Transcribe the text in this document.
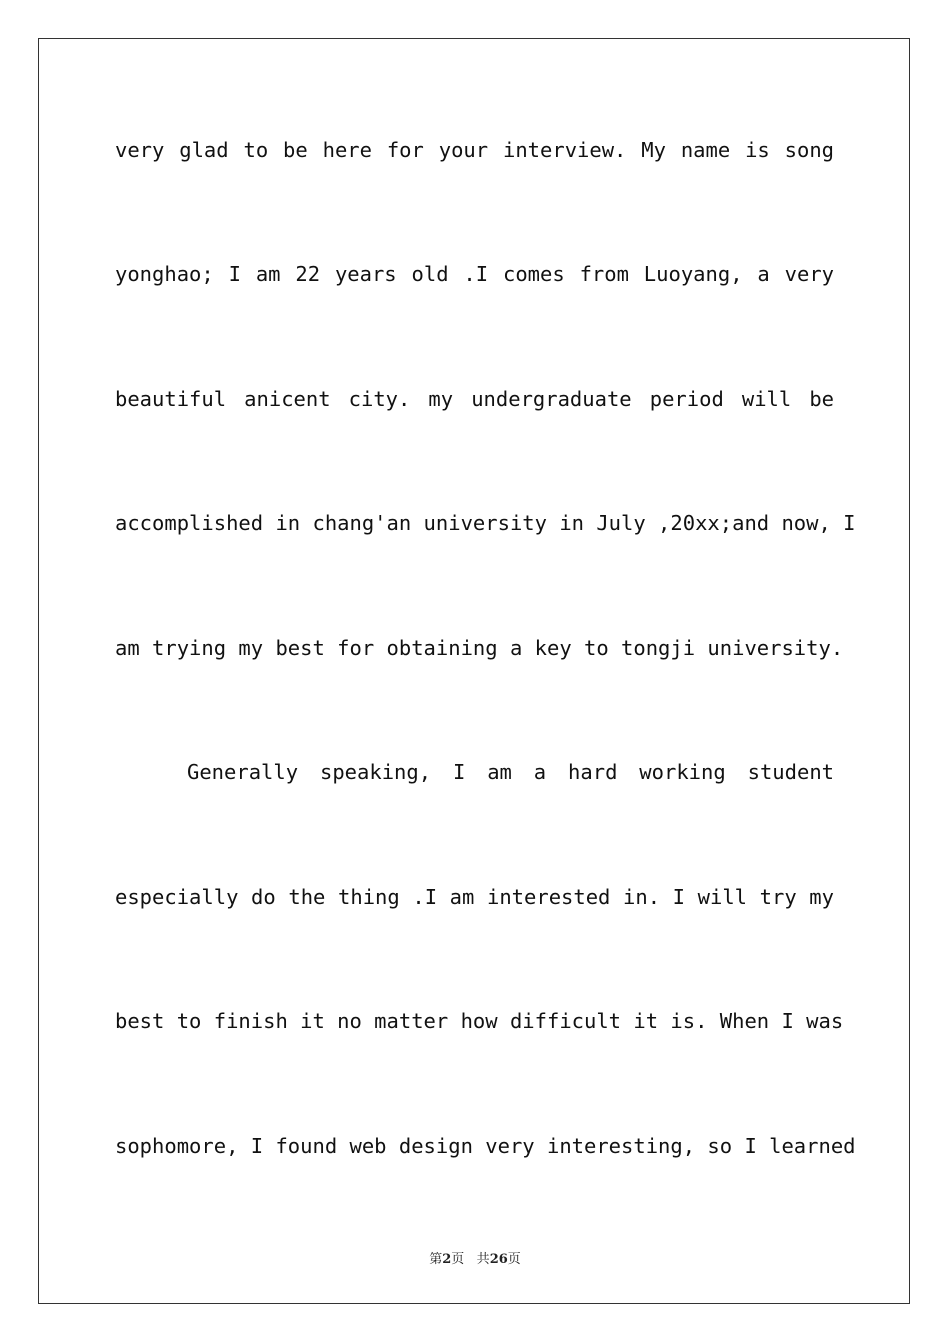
very glad to be here for your interview. My name is song
yonghao; I am 22 years old .I comes from Luoyang, a very
beautiful anicent city. my undergraduate period will be
accomplished in chang'an university in July ,20xx;and now, I
am trying my best for obtaining a key to tongji university.
Generally speaking, I am a hard working student
especially do the thing .I am interested in. I will try my
best to finish it no matter how difficult it is. When I was
sophomore, I found web design very interesting, so I learned
第2页 共26页
